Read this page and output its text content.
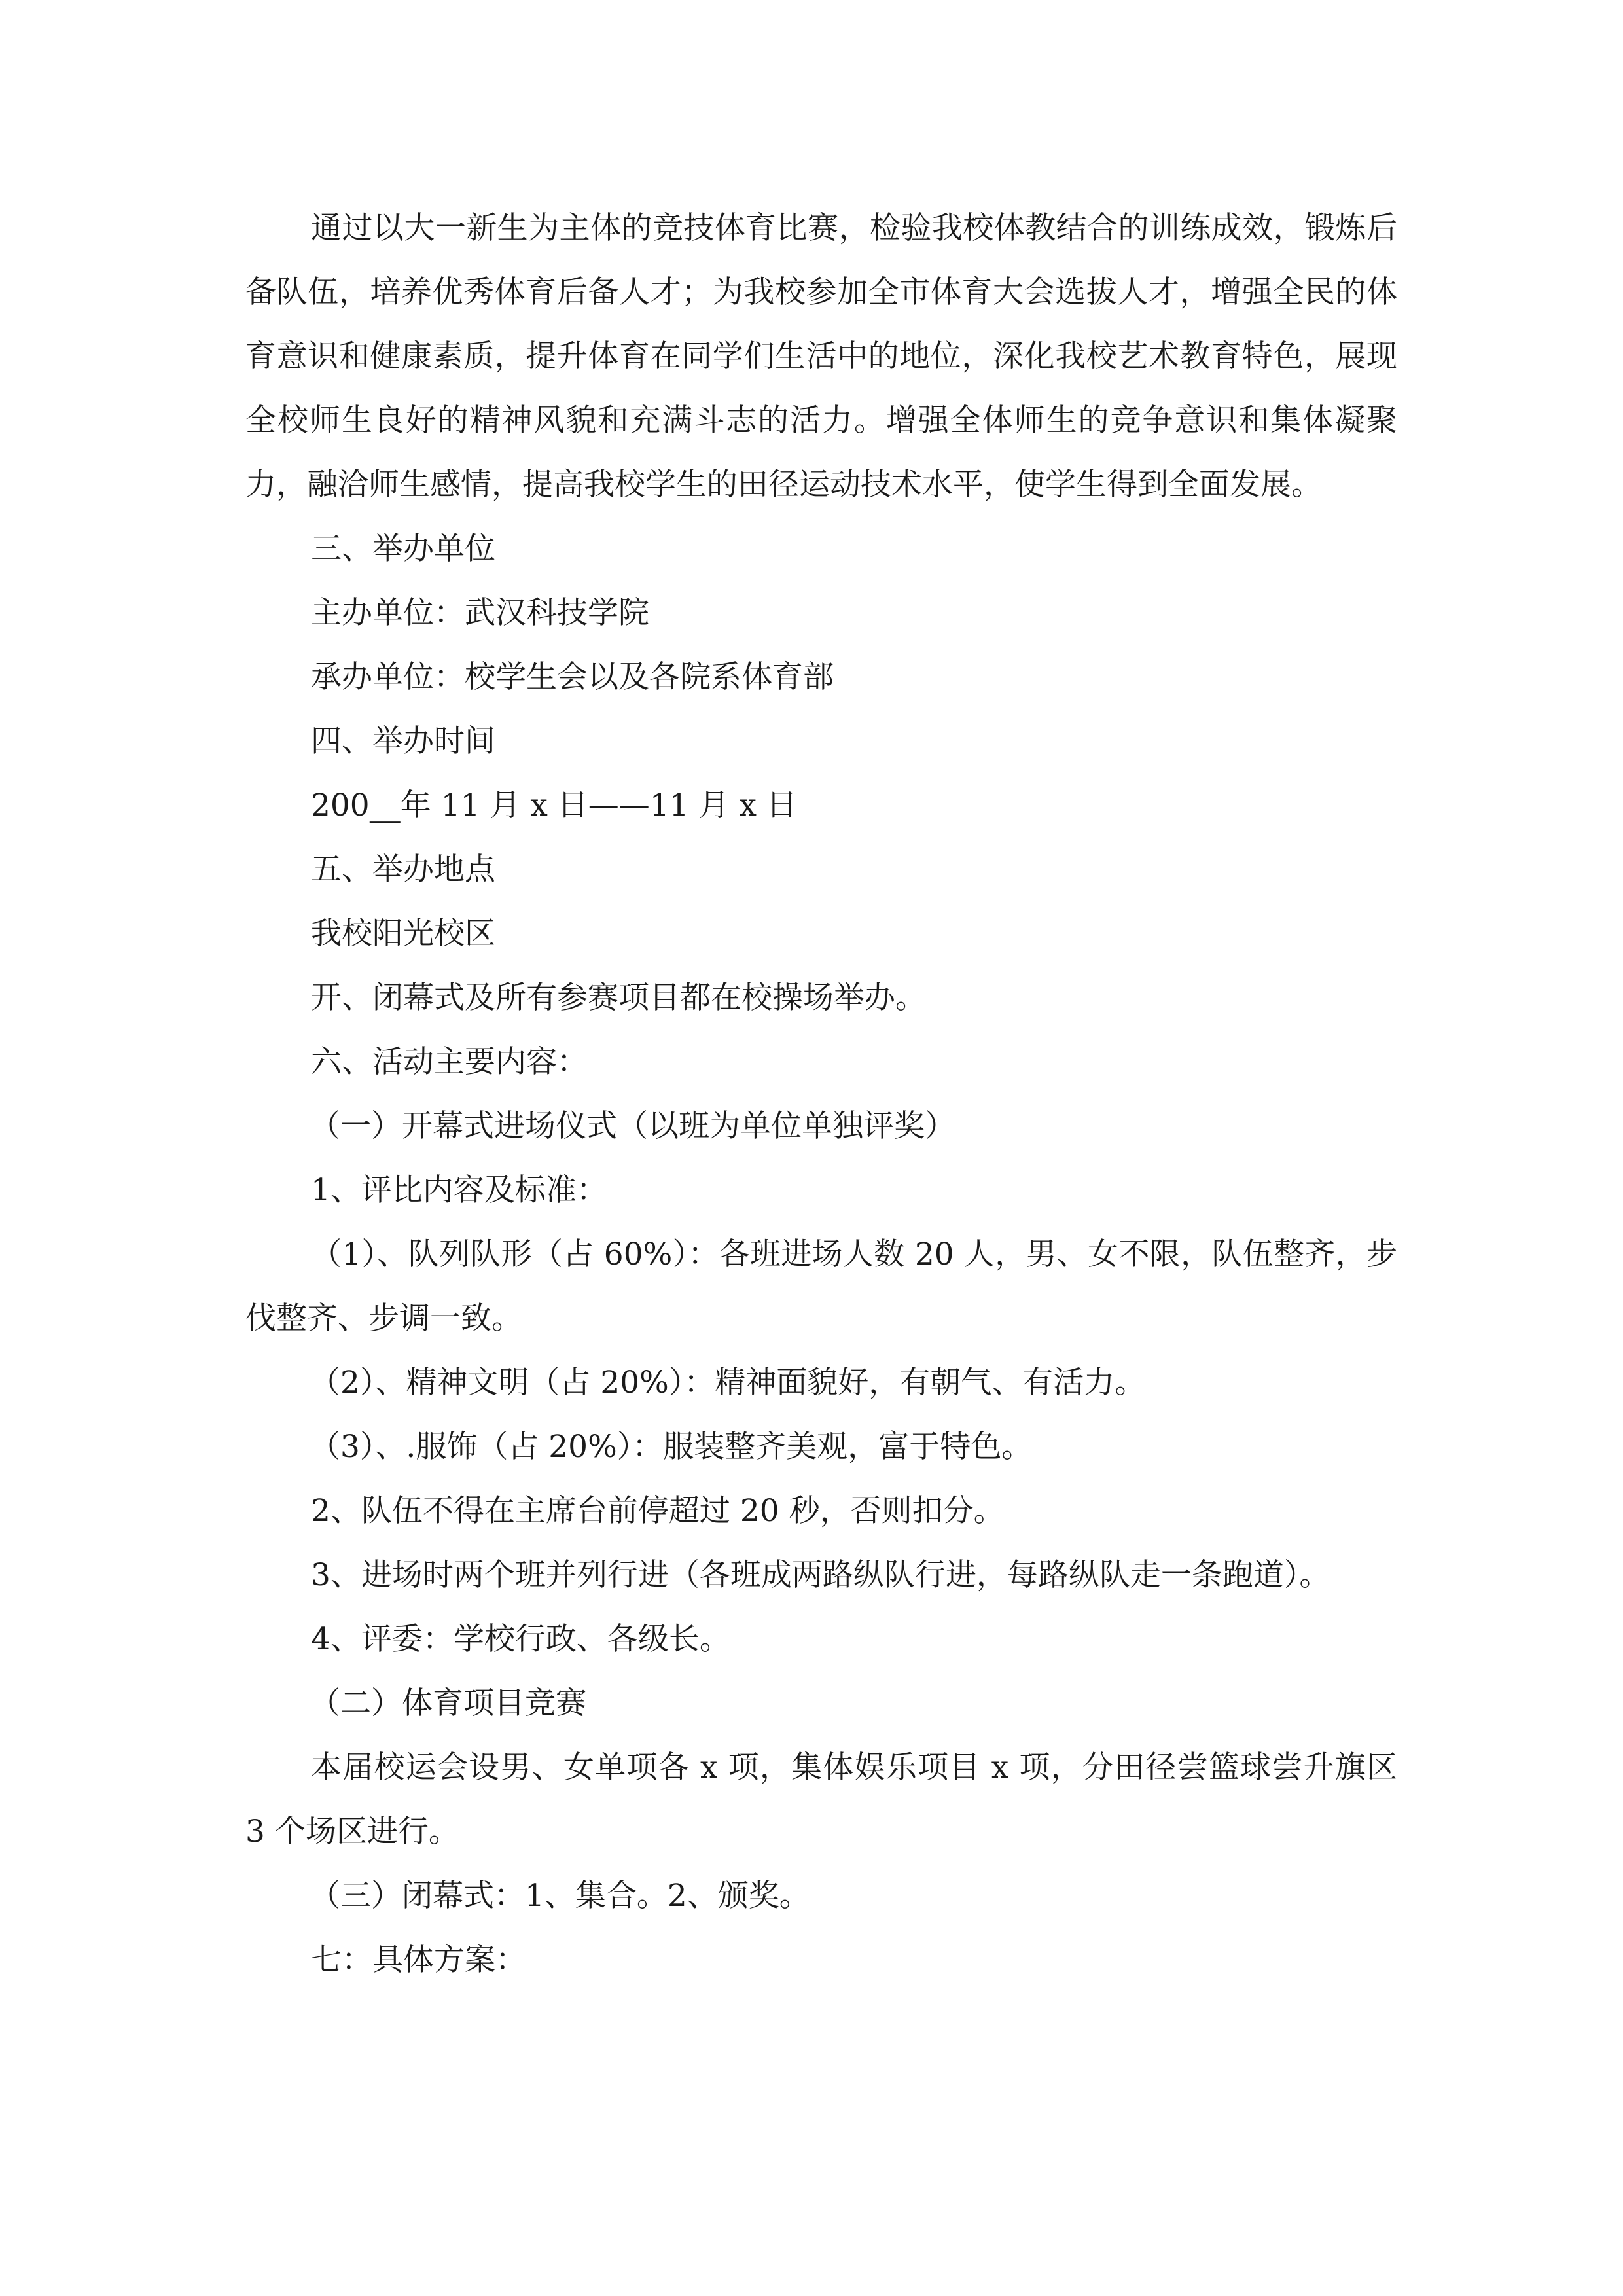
通过以大一新生为主体的竞技体育比赛，检验我校体教结合的训练成效，锻炼后备队伍，培养优秀体育后备人才；为我校参加全市体育大会选拔人才，增强全民的体育意识和健康素质，提升体育在同学们生活中的地位，深化我校艺术教育特色，展现全校师生良好的精神风貌和充满斗志的活力。增强全体师生的竞争意识和集体凝聚力，融洽师生感情，提高我校学生的田径运动技术水平，使学生得到全面发展。

三、举办单位

主办单位：武汉科技学院

承办单位：校学生会以及各院系体育部

四、举办时间

200__年 11 月 x 日——11 月 x 日

五、举办地点

我校阳光校区

开、闭幕式及所有参赛项目都在校操场举办。

六、活动主要内容：

（一）开幕式进场仪式（以班为单位单独评奖）

1、评比内容及标准：

（1）、队列队形（占 60%）：各班进场人数 20 人，男、女不限，队伍整齐，步伐整齐、步调一致。

（2）、精神文明（占 20%）：精神面貌好，有朝气、有活力。

（3）、.服饰（占 20%）：服装整齐美观，富于特色。

2、队伍不得在主席台前停超过 20 秒，否则扣分。

3、进场时两个班并列行进（各班成两路纵队行进，每路纵队走一条跑道）。

4、评委：学校行政、各级长。

（二）体育项目竞赛

本届校运会设男、女单项各 x 项，集体娱乐项目 x 项，分田径尝篮球尝升旗区 3 个场区进行。

（三）闭幕式：1、集合。2、颁奖。

七：具体方案：
